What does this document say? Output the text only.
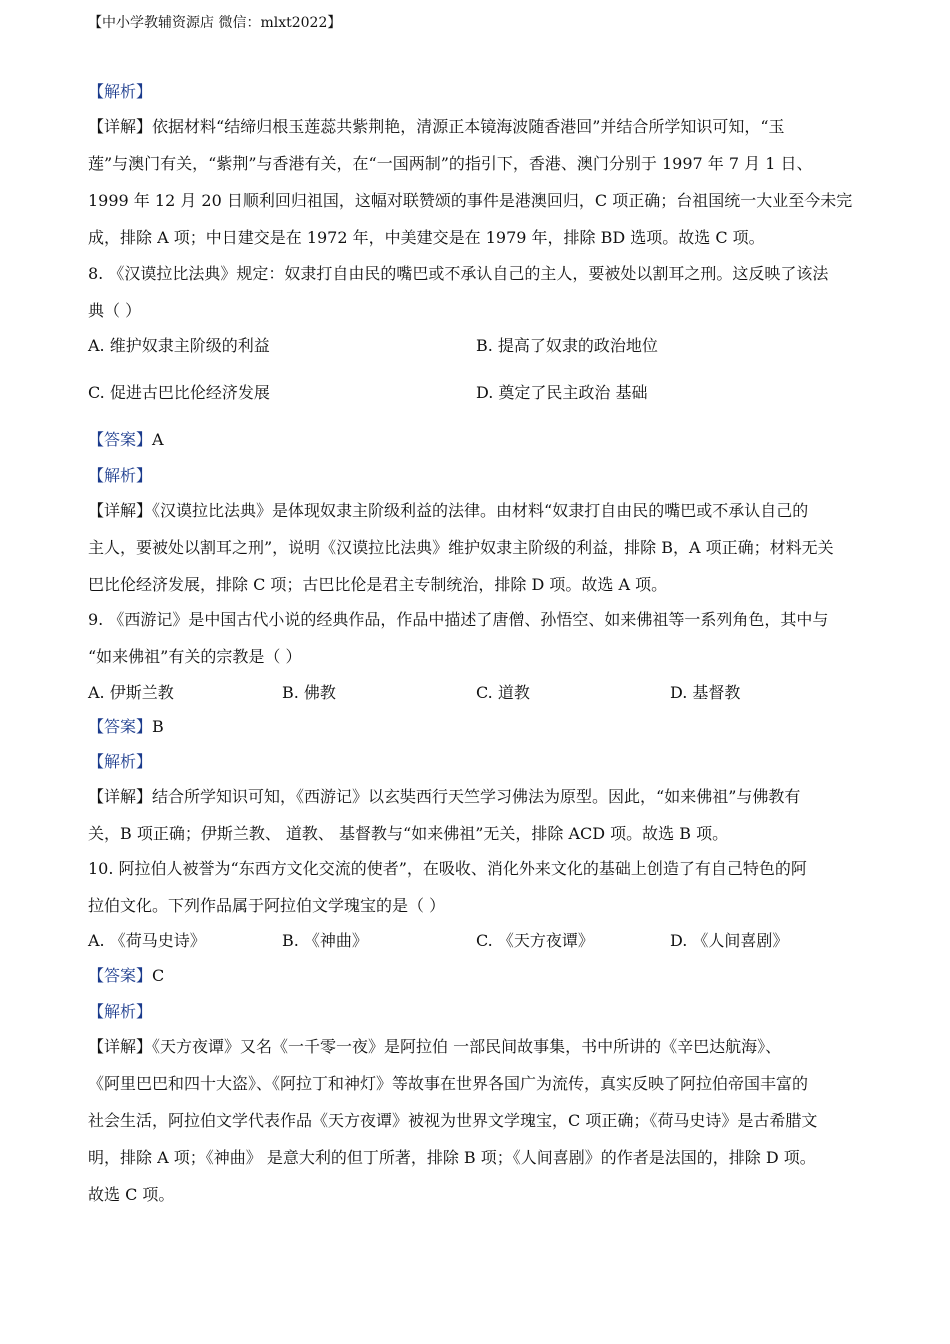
【中小学教辅资源店 微信：mlxt2022】
【解析】
【详解】依据材料“结缔归根玉莲蕊共紫荆艳，清源正本镜海波随香港回”并结合所学知识可知，“玉
莲”与澳门有关，“紫荆”与香港有关，在“一国两制”的指引下，香港、澳门分别于 1997 年 7 月 1 日、
1999 年 12 月 20 日顺利回归祖国，这幅对联赞颂的事件是港澳回归，C 项正确；台祖国统一大业至今未完
成，排除 A 项；中日建交是在 1972 年，中美建交是在 1979 年，排除 BD 选项。故选 C 项。
8. 《汉谟拉比法典》规定：奴隶打自由民的嘴巴或不承认自己的主人，要被处以割耳之刑。这反映了该法
典（ ）
A. 维护奴隶主阶级的利益	B. 提高了奴隶的政治地位
C. 促进古巴比伦经济发展	D. 奠定了民主政治 基础
【答案】A
【解析】
【详解】《汉谟拉比法典》是体现奴隶主阶级利益的法律。由材料“奴隶打自由民的嘴巴或不承认自己的
主人，要被处以割耳之刑”，说明《汉谟拉比法典》维护奴隶主阶级的利益，排除 B，A 项正确；材料无关
巴比伦经济发展，排除 C 项；古巴比伦是君主专制统治，排除 D 项。故选 A 项。
9. 《西游记》是中国古代小说的经典作品，作品中描述了唐僧、孙悟空、如来佛祖等一系列角色，其中与
“如来佛祖”有关的宗教是（ ）
A. 伊斯兰教	B. 佛教	C. 道教	D. 基督教
【答案】B
【解析】
【详解】结合所学知识可知，《西游记》以玄奘西行天竺学习佛法为原型。因此，“如来佛祖”与佛教有
关，B 项正确；伊斯兰教、 道教、 基督教与“如来佛祖”无关，排除 ACD 项。故选 B 项。
10. 阿拉伯人被誉为“东西方文化交流的使者”，在吸收、消化外来文化的基础上创造了有自己特色的阿
拉伯文化。下列作品属于阿拉伯文学瑰宝的是（ ）
A. 《荷马史诗》	B. 《神曲》	C. 《天方夜谭》	D. 《人间喜剧》
【答案】C
【解析】
【详解】《天方夜谭》又名《一千零一夜》是阿拉伯 一部民间故事集，书中所讲的《辛巴达航海》、
《阿里巴巴和四十大盗》、《阿拉丁和神灯》等故事在世界各国广为流传，真实反映了阿拉伯帝国丰富的
社会生活，阿拉伯文学代表作品《天方夜谭》被视为世界文学瑰宝，C 项正确；《荷马史诗》是古希腊文
明，排除 A 项；《神曲》 是意大利的但丁所著，排除 B 项；《人间喜剧》的作者是法国的，排除 D 项。
故选 C 项。
